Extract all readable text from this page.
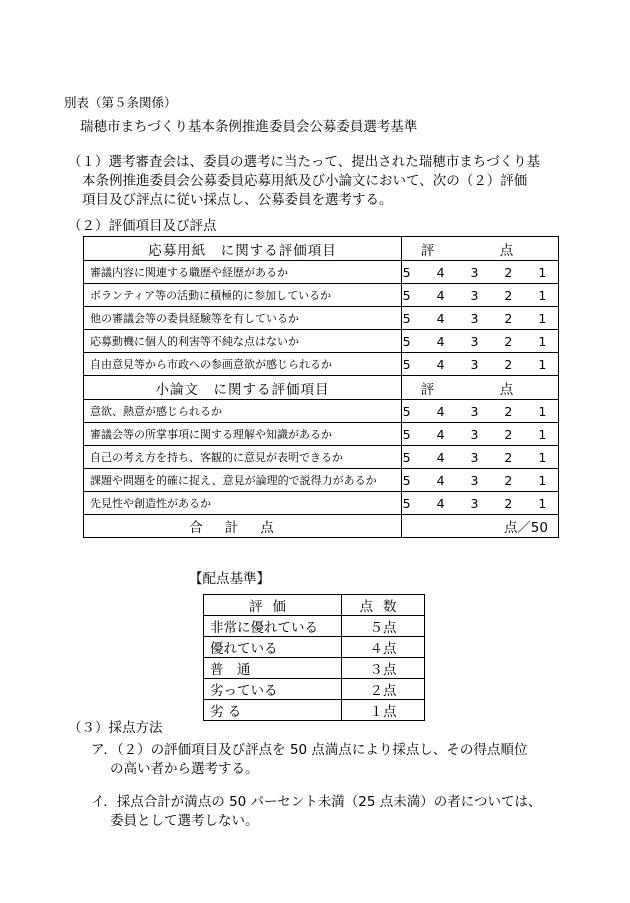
別表（第５条関係）
瑞穂市まちづくり基本条例推進委員会公募委員選考基準
（１）選考審査会は、委員の選考に当たって、提出された瑞穂市まちづくり基
本条例推進委員会公募委員応募用紙及び小論文において、次の（２）評価
項目及び評点に従い採点し、公募委員を選考する。
（２）評価項目及び評点
応募用紙　に関する評価項目	評　点
審議内容に関連する職歴や経歴があるか	5 4 3 2 1
ボランティア等の活動に積極的に参加しているか	5 4 3 2 1
他の審議会等の委員経験等を有しているか	5 4 3 2 1
応募動機に個人的利害等不純な点はないか	5 4 3 2 1
自由意見等から市政への参画意欲が感じられるか	5 4 3 2 1
小論文　に関する評価項目	評　点
意欲、熱意が感じられるか	5 4 3 2 1
審議会等の所掌事項に関する理解や知識があるか	5 4 3 2 1
自己の考え方を持ち、客観的に意見が表明できるか	5 4 3 2 1
課題や問題を的確に捉え、意見が論理的で説得力があるか	5 4 3 2 1
先見性や創造性があるか	5 4 3 2 1
合計点	点／50
【配点基準】
評価	点数
非常に優れている	５点
優れている	４点
普　通	３点
劣っている	２点
劣 る	１点
（３）採点方法
ア．（２）の評価項目及び評点を 50 点満点により採点し、その得点順位
の高い者から選考する。
イ．採点合計が満点の 50 パーセント未満（25 点未満）の者については、
委員として選考しない。
